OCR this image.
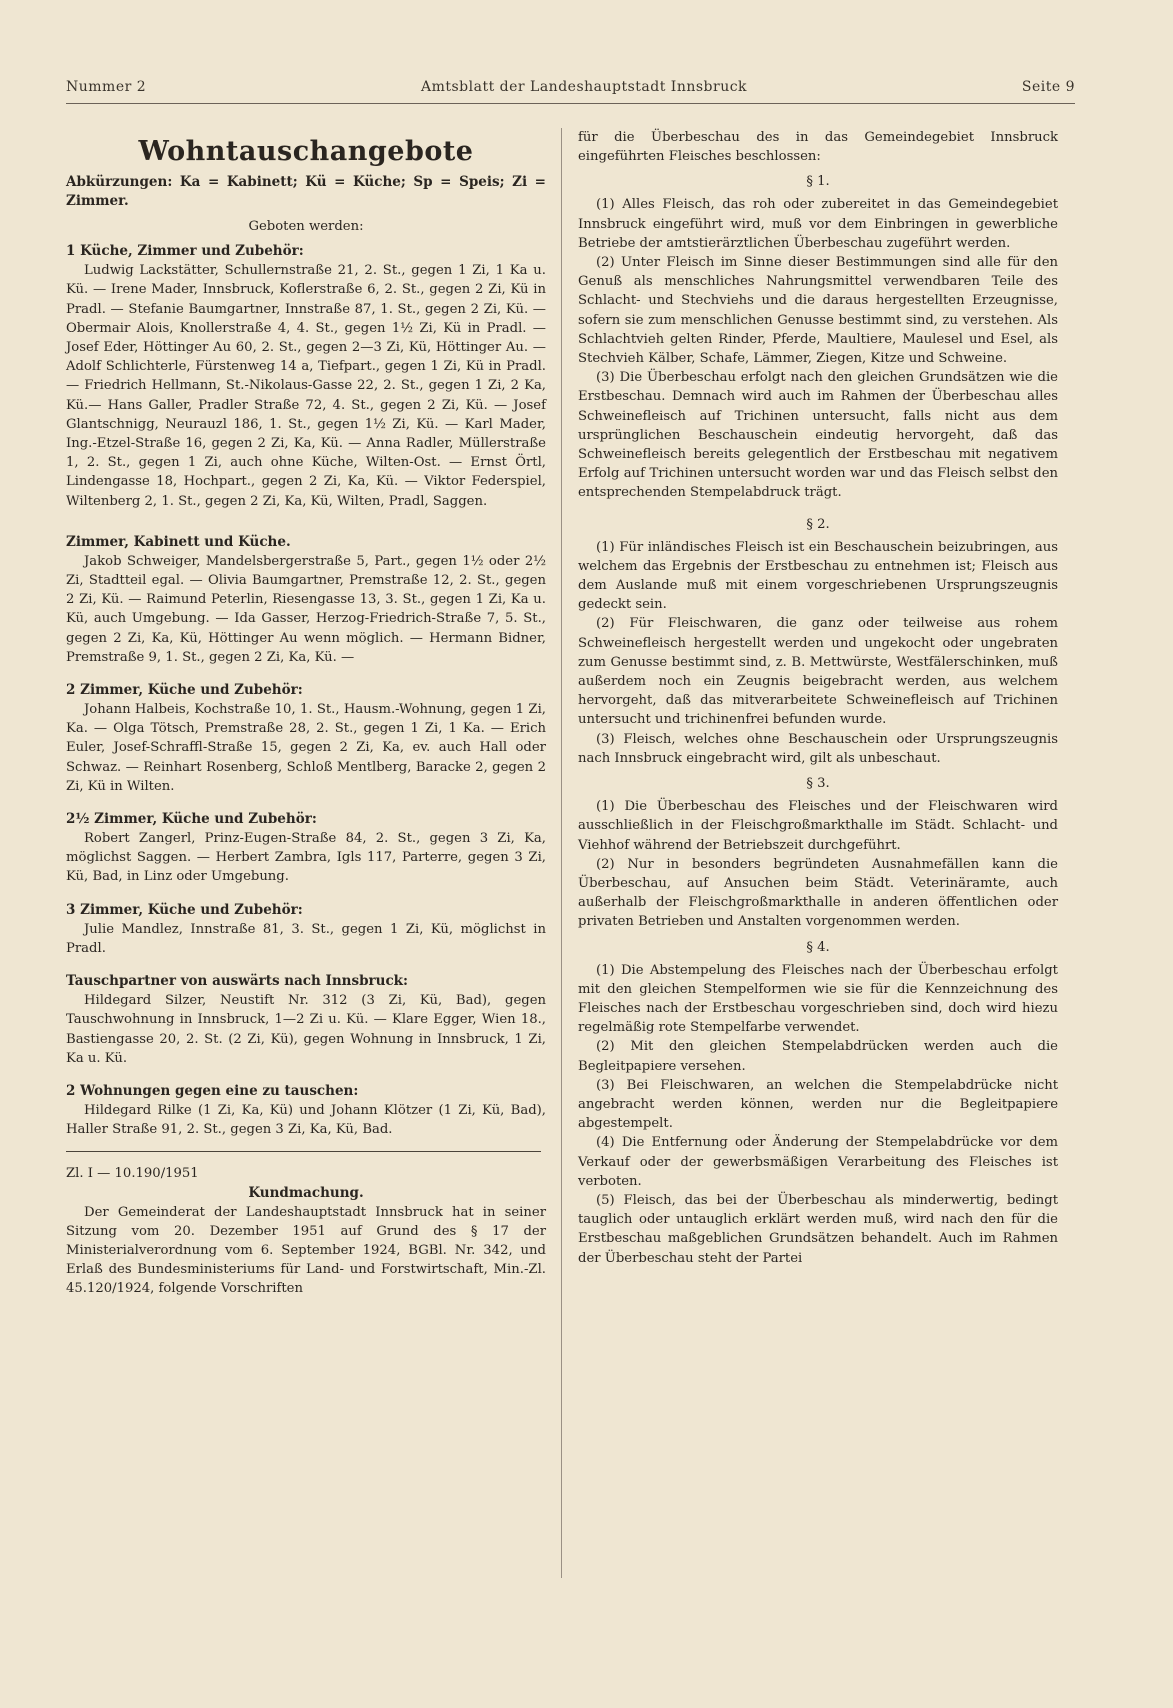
Nummer 2	Amtsblatt der Landeshauptstadt Innsbruck	Seite 9
Wohntauschangebote

Abkürzungen: Ka = Kabinett; Kü = Küche; Sp = Speis; Zi = Zimmer.

Geboten werden:

1 Küche, Zimmer und Zubehör:

Ludwig Lackstätter, Schullernstraße 21, 2. St., gegen 1 Zi, 1 Ka u. Kü. — Irene Mader, Innsbruck, Koflerstraße 6, 2. St., gegen 2 Zi, Kü in Pradl. — Stefanie Baumgartner, Innstraße 87, 1. St., gegen 2 Zi, Kü. — Obermair Alois, Knollerstraße 4, 4. St., gegen 1½ Zi, Kü in Pradl. — Josef Eder, Höttinger Au 60, 2. St., gegen 2—3 Zi, Kü, Höttinger Au. — Adolf Schlichterle, Fürstenweg 14 a, Tiefpart., gegen 1 Zi, Kü in Pradl. — Friedrich Hellmann, St.-Nikolaus-Gasse 22, 2. St., gegen 1 Zi, 2 Ka, Kü.— Hans Galler, Pradler Straße 72, 4. St., gegen 2 Zi, Kü. — Josef Glantschnigg, Neurauzl 186, 1. St., gegen 1½ Zi, Kü. — Karl Mader, Ing.-Etzel-Straße 16, gegen 2 Zi, Ka, Kü. — Anna Radler, Müllerstraße 1, 2. St., gegen 1 Zi, auch ohne Küche, Wilten-Ost. — Ernst Örtl, Lindengasse 18, Hochpart., gegen 2 Zi, Ka, Kü. — Viktor Federspiel, Wiltenberg 2, 1. St., gegen 2 Zi, Ka, Kü, Wilten, Pradl, Saggen.

Zimmer, Kabinett und Küche.

Jakob Schweiger, Mandelsbergerstraße 5, Part., gegen 1½ oder 2½ Zi, Stadtteil egal. — Olivia Baumgartner, Premstraße 12, 2. St., gegen 2 Zi, Kü. — Raimund Peterlin, Riesengasse 13, 3. St., gegen 1 Zi, Ka u. Kü, auch Umgebung. — Ida Gasser, Herzog-Friedrich-Straße 7, 5. St., gegen 2 Zi, Ka, Kü, Höttinger Au wenn möglich. — Hermann Bidner, Premstraße 9, 1. St., gegen 2 Zi, Ka, Kü. —

2 Zimmer, Küche und Zubehör:

Johann Halbeis, Kochstraße 10, 1. St., Hausm.-Wohnung, gegen 1 Zi, Ka. — Olga Tötsch, Premstraße 28, 2. St., gegen 1 Zi, 1 Ka. — Erich Euler, Josef-Schraffl-Straße 15, gegen 2 Zi, Ka, ev. auch Hall oder Schwaz. — Reinhart Rosenberg, Schloß Mentlberg, Baracke 2, gegen 2 Zi, Kü in Wilten.

2½ Zimmer, Küche und Zubehör:

Robert Zangerl, Prinz-Eugen-Straße 84, 2. St., gegen 3 Zi, Ka, möglichst Saggen. — Herbert Zambra, Igls 117, Parterre, gegen 3 Zi, Kü, Bad, in Linz oder Umgebung.

3 Zimmer, Küche und Zubehör:

Julie Mandlez, Innstraße 81, 3. St., gegen 1 Zi, Kü, möglichst in Pradl.

Tauschpartner von auswärts nach Innsbruck:

Hildegard Silzer, Neustift Nr. 312 (3 Zi, Kü, Bad), gegen Tauschwohnung in Innsbruck, 1—2 Zi u. Kü. — Klare Egger, Wien 18., Bastiengasse 20, 2. St. (2 Zi, Kü), gegen Wohnung in Innsbruck, 1 Zi, Ka u. Kü.

2 Wohnungen gegen eine zu tauschen:

Hildegard Rilke (1 Zi, Ka, Kü) und Johann Klötzer (1 Zi, Kü, Bad), Haller Straße 91, 2. St., gegen 3 Zi, Ka, Kü, Bad.

Zl. I — 10.190/1951

Kundmachung.

Der Gemeinderat der Landeshauptstadt Innsbruck hat in seiner Sitzung vom 20. Dezember 1951 auf Grund des § 17 der Ministerialverordnung vom 6. September 1924, BGBl. Nr. 342, und Erlaß des Bundesministeriums für Land- und Forstwirtschaft, Min.-Zl. 45.120/1924, folgende Vorschriften

für die Überbeschau des in das Gemeindegebiet Innsbruck eingeführten Fleisches beschlossen:

§ 1.

(1) Alles Fleisch, das roh oder zubereitet in das Gemeindegebiet Innsbruck eingeführt wird, muß vor dem Einbringen in gewerbliche Betriebe der amtstierärztlichen Überbeschau zugeführt werden.

(2) Unter Fleisch im Sinne dieser Bestimmungen sind alle für den Genuß als menschliches Nahrungsmittel verwendbaren Teile des Schlacht- und Stechviehs und die daraus hergestellten Erzeugnisse, sofern sie zum menschlichen Genusse bestimmt sind, zu verstehen. Als Schlachtvieh gelten Rinder, Pferde, Maultiere, Maulesel und Esel, als Stechvieh Kälber, Schafe, Lämmer, Ziegen, Kitze und Schweine.

(3) Die Überbeschau erfolgt nach den gleichen Grundsätzen wie die Erstbeschau. Demnach wird auch im Rahmen der Überbeschau alles Schweinefleisch auf Trichinen untersucht, falls nicht aus dem ursprünglichen Beschauschein eindeutig hervorgeht, daß das Schweinefleisch bereits gelegentlich der Erstbeschau mit negativem Erfolg auf Trichinen untersucht worden war und das Fleisch selbst den entsprechenden Stempelabdruck trägt.

§ 2.

(1) Für inländisches Fleisch ist ein Beschauschein beizubringen, aus welchem das Ergebnis der Erstbeschau zu entnehmen ist; Fleisch aus dem Auslande muß mit einem vorgeschriebenen Ursprungszeugnis gedeckt sein.

(2) Für Fleischwaren, die ganz oder teilweise aus rohem Schweinefleisch hergestellt werden und ungekocht oder ungebraten zum Genusse bestimmt sind, z. B. Mettwürste, Westfälerschinken, muß außerdem noch ein Zeugnis beigebracht werden, aus welchem hervorgeht, daß das mitverarbeitete Schweinefleisch auf Trichinen untersucht und trichinenfrei befunden wurde.

(3) Fleisch, welches ohne Beschauschein oder Ursprungszeugnis nach Innsbruck eingebracht wird, gilt als unbeschaut.

§ 3.

(1) Die Überbeschau des Fleisches und der Fleischwaren wird ausschließlich in der Fleischgroßmarkthalle im Städt. Schlacht- und Viehhof während der Betriebszeit durchgeführt.

(2) Nur in besonders begründeten Ausnahmefällen kann die Überbeschau, auf Ansuchen beim Städt. Veterinäramte, auch außerhalb der Fleischgroßmarkthalle in anderen öffentlichen oder privaten Betrieben und Anstalten vorgenommen werden.

§ 4.

(1) Die Abstempelung des Fleisches nach der Überbeschau erfolgt mit den gleichen Stempelformen wie sie für die Kennzeichnung des Fleisches nach der Erstbeschau vorgeschrieben sind, doch wird hiezu regelmäßig rote Stempelfarbe verwendet.

(2) Mit den gleichen Stempelabdrücken werden auch die Begleitpapiere versehen.

(3) Bei Fleischwaren, an welchen die Stempelabdrücke nicht angebracht werden können, werden nur die Begleitpapiere abgestempelt.

(4) Die Entfernung oder Änderung der Stempelabdrücke vor dem Verkauf oder der gewerbsmäßigen Verarbeitung des Fleisches ist verboten.

(5) Fleisch, das bei der Überbeschau als minderwertig, bedingt tauglich oder untauglich erklärt werden muß, wird nach den für die Erstbeschau maßgeblichen Grundsätzen behandelt. Auch im Rahmen der Überbeschau steht der Partei
